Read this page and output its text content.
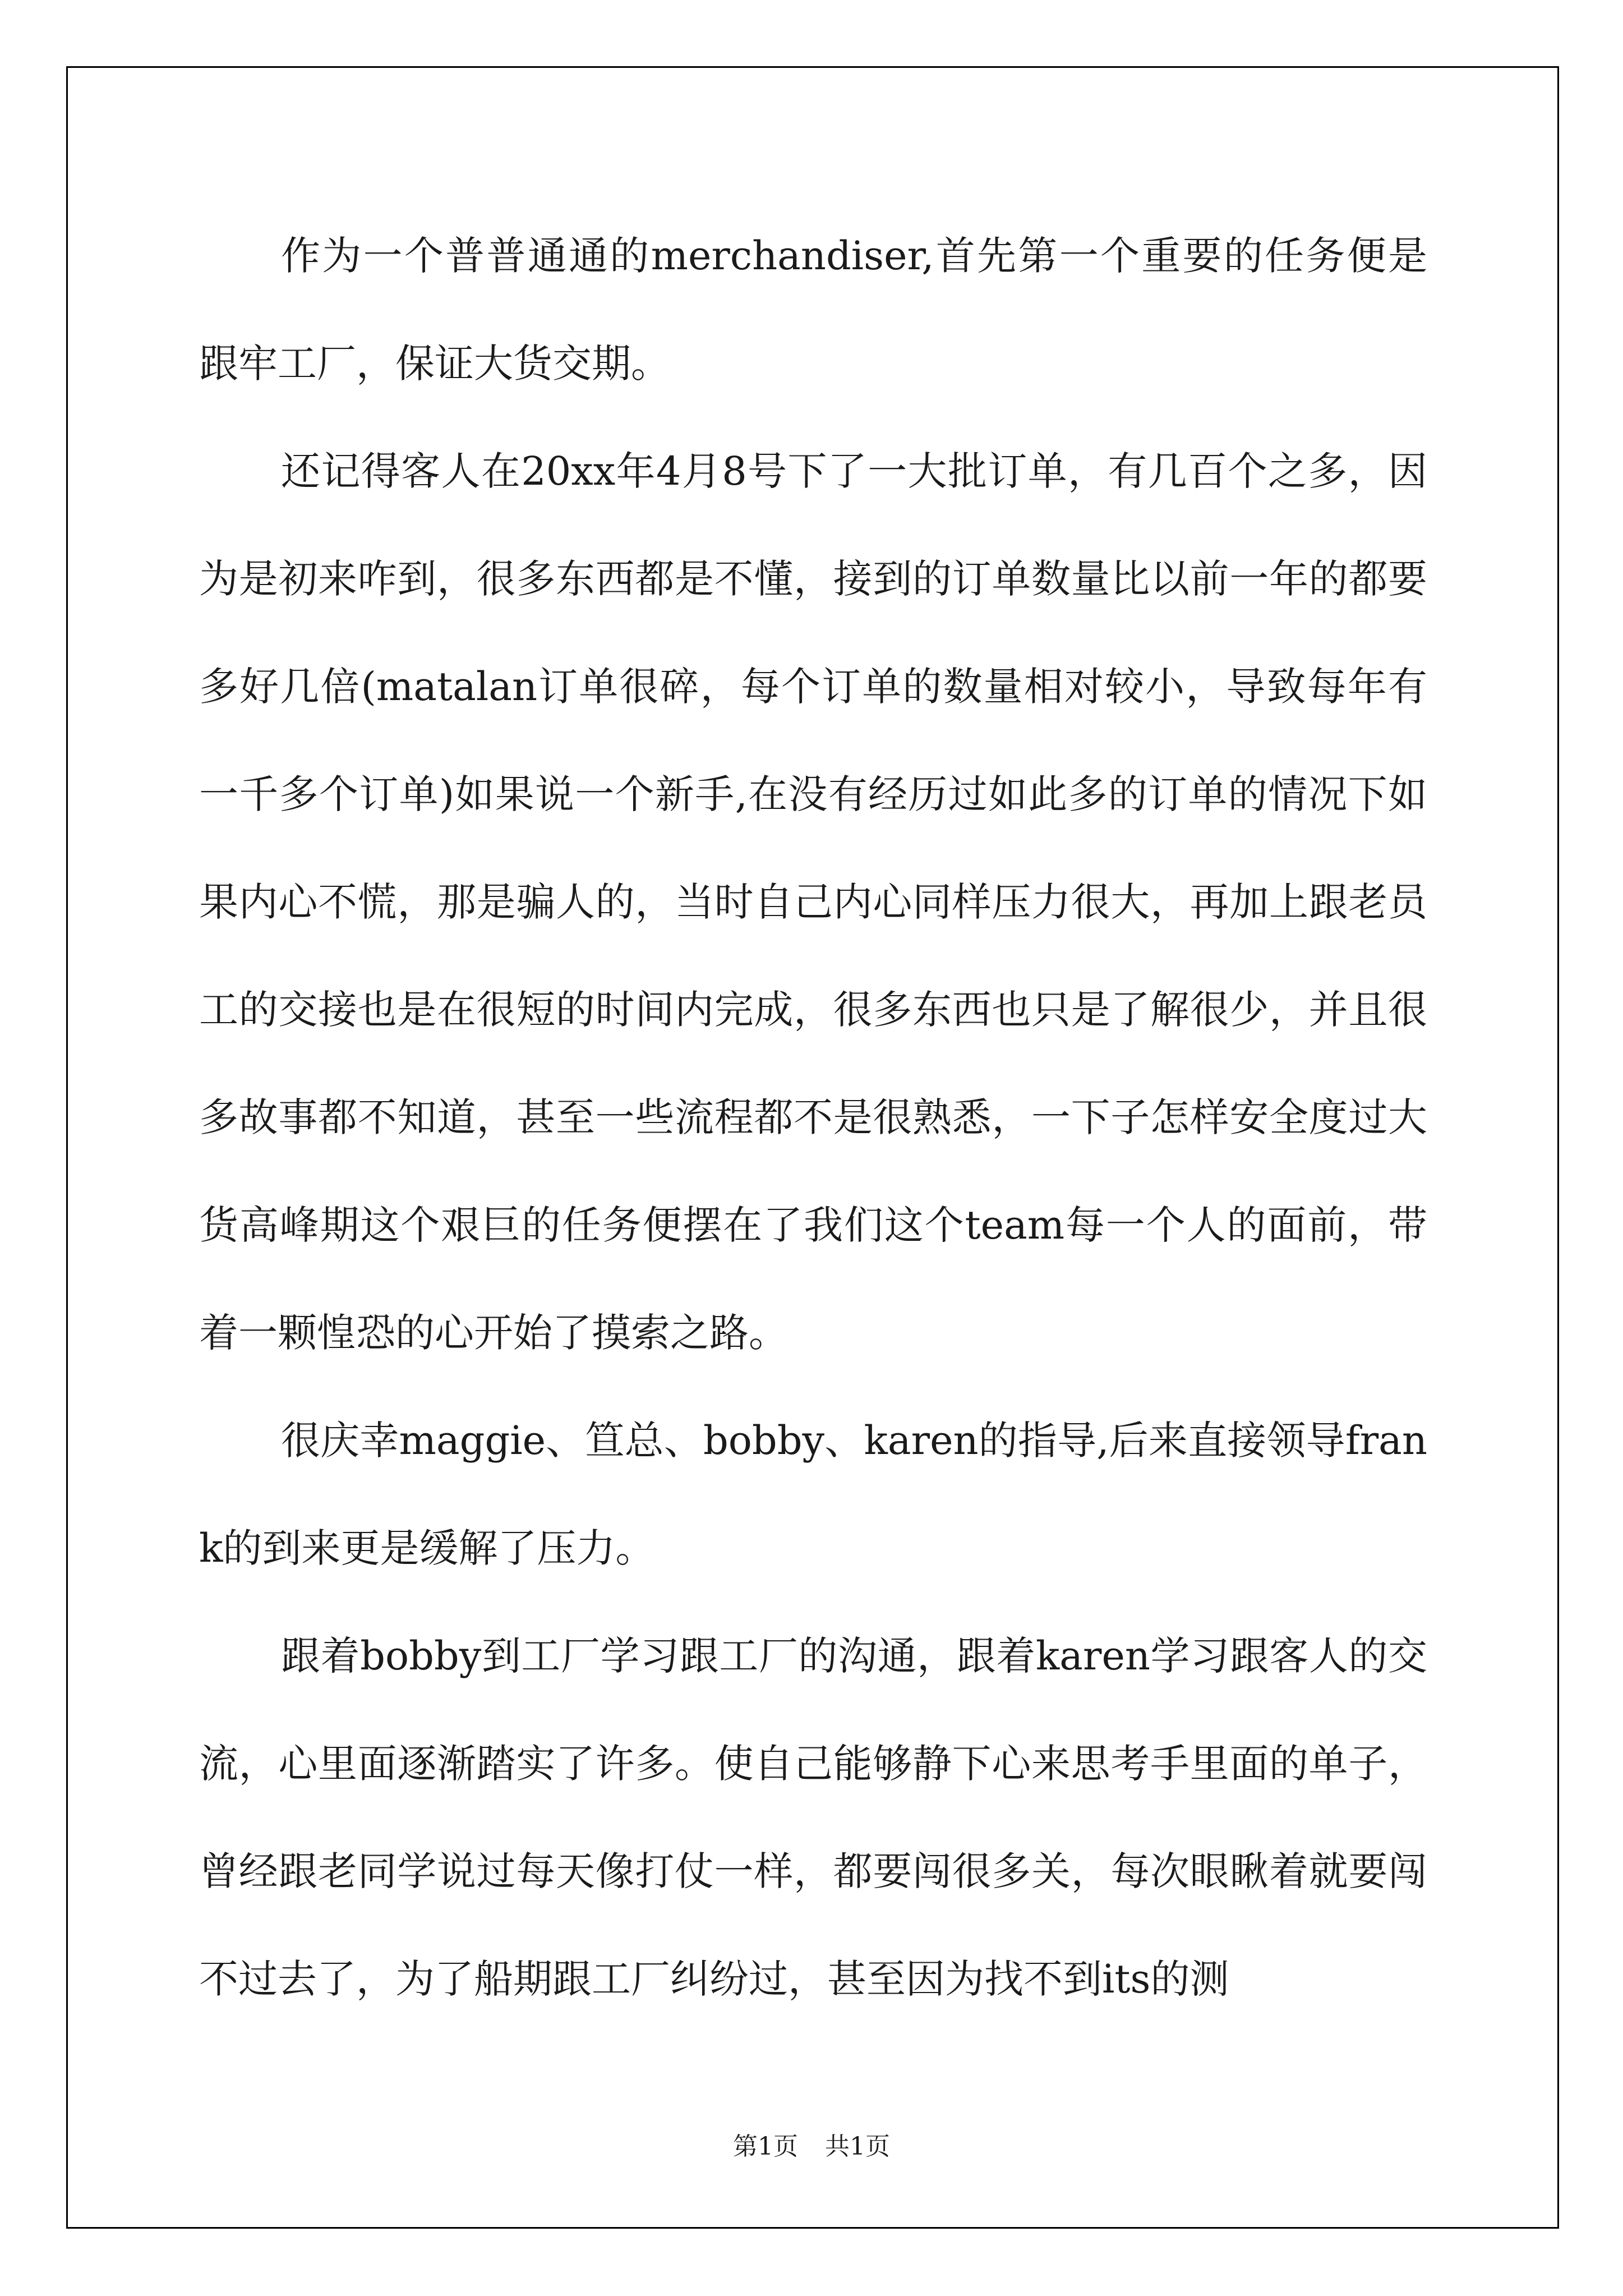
作为一个普普通通的merchandiser,首先第一个重要的任务便是跟牢工厂，保证大货交期。

还记得客人在20xx年4月8号下了一大批订单，有几百个之多，因为是初来咋到，很多东西都是不懂，接到的订单数量比以前一年的都要多好几倍(matalan订单很碎，每个订单的数量相对较小，导致每年有一千多个订单)如果说一个新手,在没有经历过如此多的订单的情况下如果内心不慌，那是骗人的，当时自己内心同样压力很大，再加上跟老员工的交接也是在很短的时间内完成，很多东西也只是了解很少，并且很多故事都不知道，甚至一些流程都不是很熟悉，一下子怎样安全度过大货高峰期这个艰巨的任务便摆在了我们这个team每一个人的面前，带着一颗惶恐的心开始了摸索之路。

很庆幸maggie、笪总、bobby、karen的指导,后来直接领导frank的到来更是缓解了压力。

跟着bobby到工厂学习跟工厂的沟通，跟着karen学习跟客人的交流，心里面逐渐踏实了许多。使自己能够静下心来思考手里面的单子，曾经跟老同学说过每天像打仗一样，都要闯很多关，每次眼瞅着就要闯不过去了，为了船期跟工厂纠纷过，甚至因为找不到its的测

第1页 共1页
